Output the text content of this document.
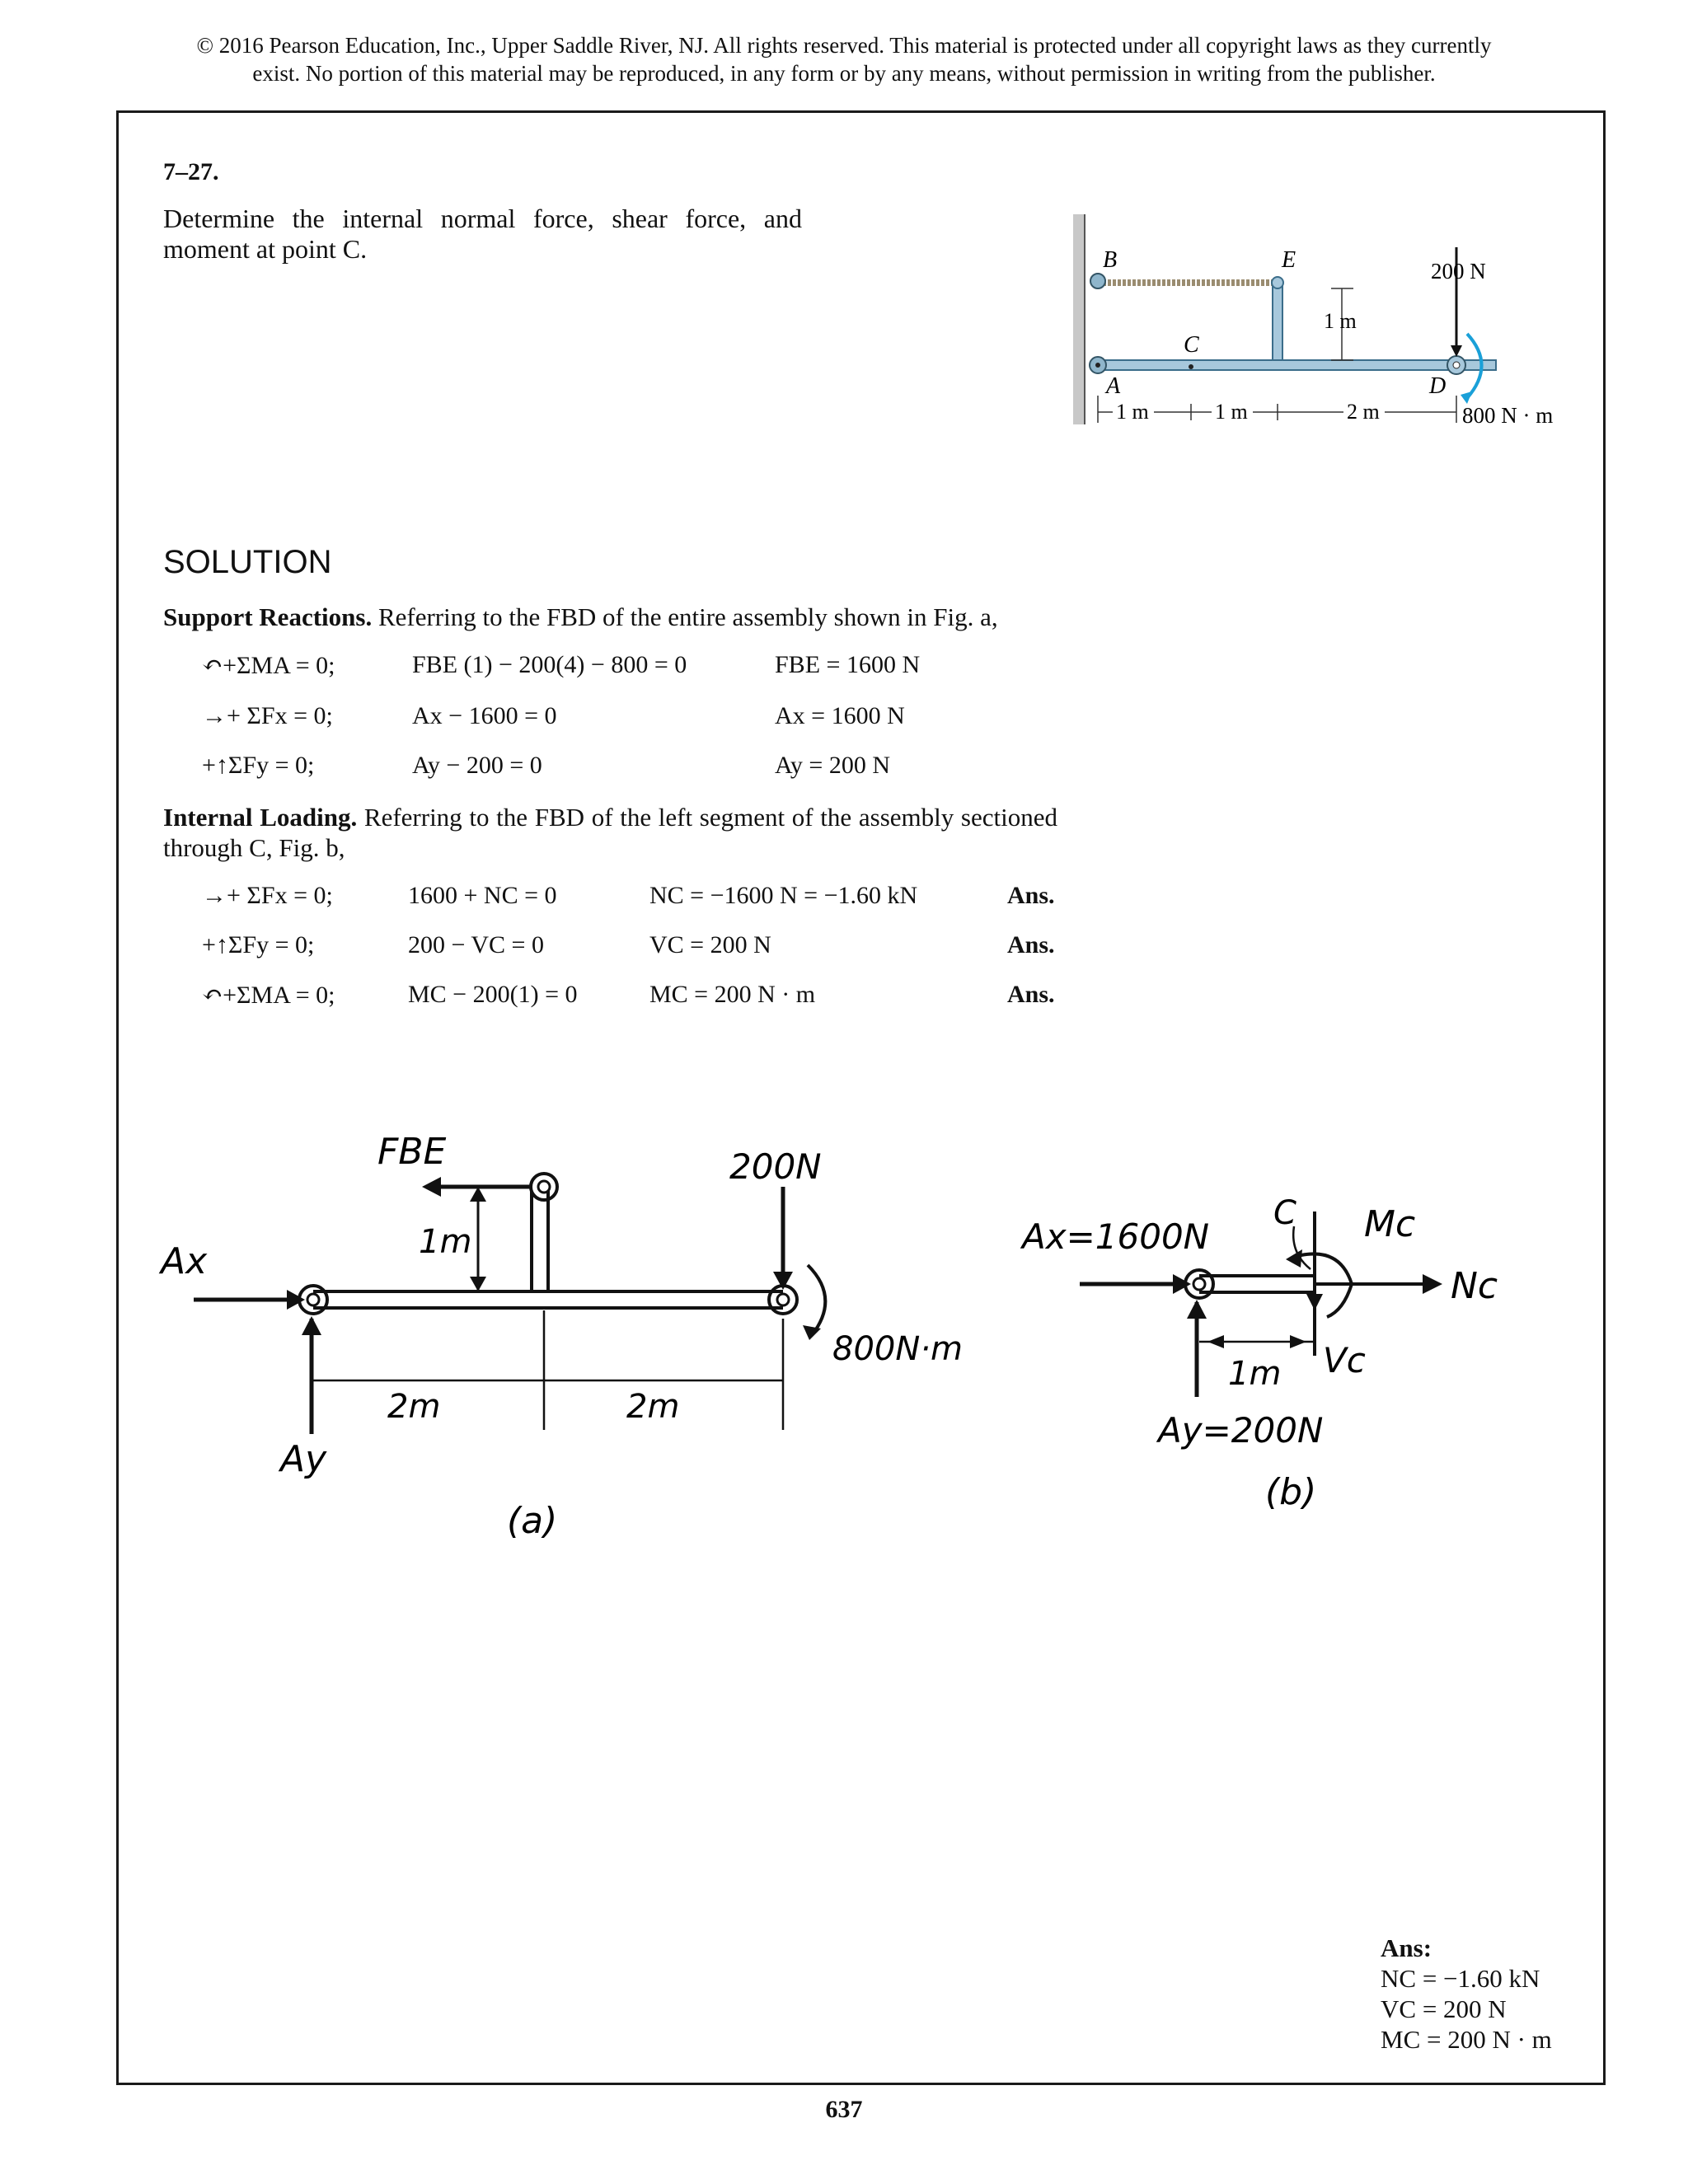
© 2016 Pearson Education, Inc., Upper Saddle River, NJ. All rights reserved. This material is protected under all copyright laws as they currently
exist. No portion of this material may be reproduced, in any form or by any means, without permission in writing from the publisher.
7–27.
Determine the internal normal force, shear force, and moment at point C.
1 m	1 m	2 m
1 m
B	E
C
A	D
200 N
800 N · m
SOLUTION
Support Reactions. Referring to the FBD of the entire assembly shown in Fig. a,
↶+ΣMA = 0;	FBE (1) − 200(4) − 800 = 0	FBE = 1600 N
→+ ΣFx = 0;	Ax − 1600 = 0	Ax = 1600 N
+↑ΣFy = 0;	Ay − 200 = 0	Ay = 200 N
Internal Loading. Referring to the FBD of the left segment of the assembly sectioned through C, Fig. b,
→+ ΣFx = 0;	1600 + NC = 0	NC = −1600 N = −1.60 kN	Ans.
+↑ΣFy = 0;	200 − VC = 0	VC = 200 N	Ans.
↶+ΣMA = 0;	MC − 200(1) = 0	MC = 200 N · m	Ans.
FBE	200N
800N·m
Ax
Ay
1m
2m	2m
(a)
Ax=1600N
C Mc
Nc
Vc
1m
Ay=200N
(b)
Ans:
NC = −1.60 kN
VC = 200 N
MC = 200 N · m
637
